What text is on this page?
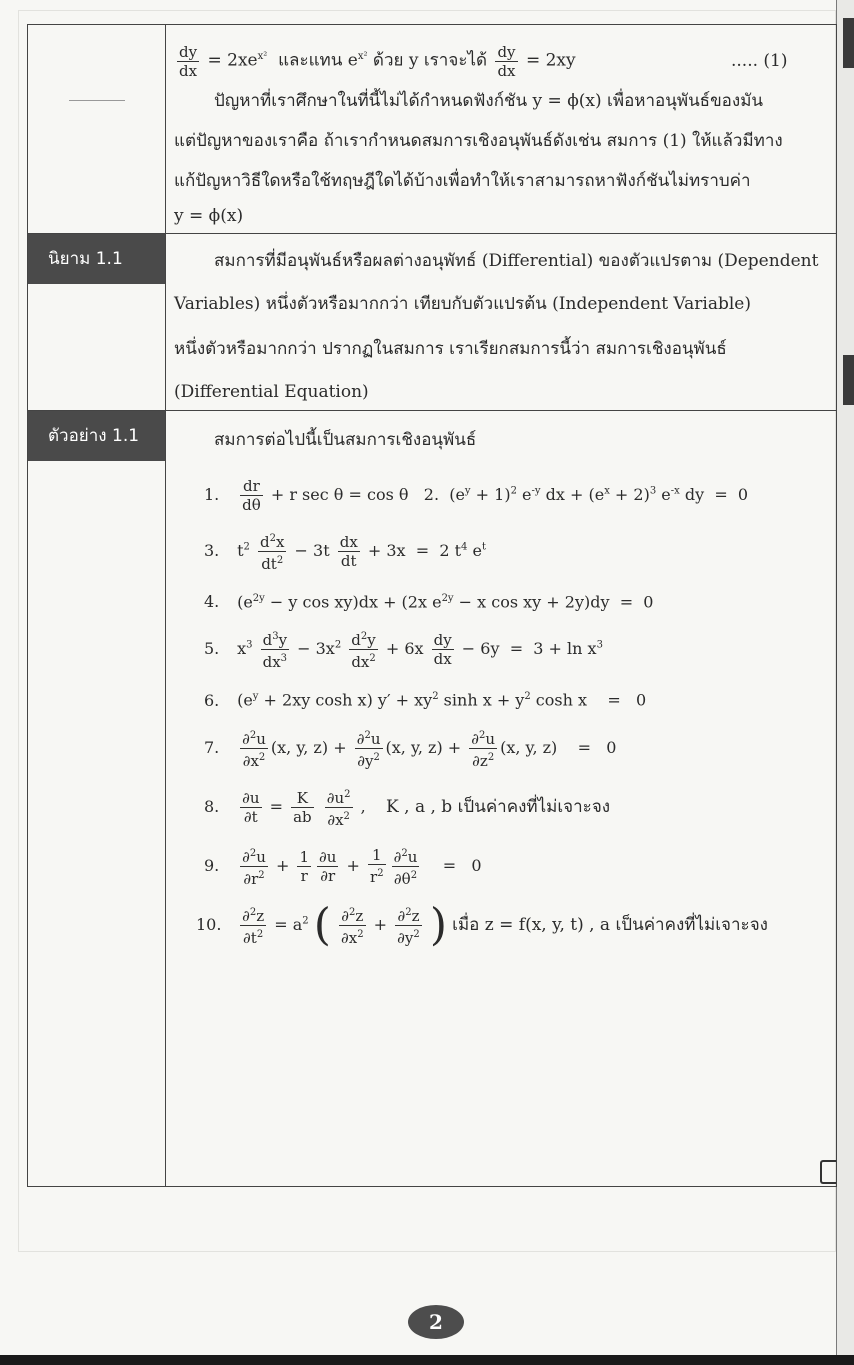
$\frac{dy}{dx} = 2xe^{x^2}$ และแทน $e^{x^2}$ ด้วย y เราจะได้ $\frac{dy}{dx} = 2xy$	..... (1)
ปัญหาที่เราศึกษาในที่นี้ไม่ได้กำหนดฟังก์ชัน y = ϕ(x) เพื่อหาอนุพันธ์ของมัน
แต่ปัญหาของเราคือ ถ้าเรากำหนดสมการเชิงอนุพันธ์ดังเช่น สมการ (1) ให้แล้วมีทาง
แก้ปัญหาวิธีใดหรือใช้ทฤษฎีใดได้บ้างเพื่อทำให้เราสามารถหาฟังก์ชันไม่ทราบค่า
y = ϕ(x)

นิยาม 1.1	สมการที่มีอนุพันธ์หรือผลต่างอนุพัทธ์ (Differential) ของตัวแปรตาม (Dependent
Variables) หนึ่งตัวหรือมากกว่า เทียบกับตัวแปรต้น (Independent Variable)
หนึ่งตัวหรือมากกว่า ปรากฏในสมการ เราเรียกสมการนี้ว่า สมการเชิงอนุพันธ์
(Differential Equation)

ตัวอย่าง 1.1	สมการต่อไปนี้เป็นสมการเชิงอนุพันธ์
1. $\frac{dr}{d\theta} + r$ sec θ = cos θ   2.  $(e^y + 1)^2$ $e^{-y}$ dx + $(e^x + 2)^3$ $e^{-x}$ dy  =  0
3. $t^2 \frac{d^2x}{dt^2} - 3t \frac{dx}{dt} + 3x = 2$ $t^4$ $e^t$
4. ($e^{2y} - y$ cos xy)dx + (2x $e^{2y} - x$ cos xy + 2y)dy  =  0
5. $x^3 \frac{d^3y}{dx^3} - 3x^2 \frac{d^2y}{dx^2} + 6x \frac{dy}{dx} - 6y = 3 + \ln x^3$
6. ($e^y + 2xy$ cosh x) $y' + xy^2$ $\sinh x + y^2$ cosh x    =   0
7. $\frac{\partial^2u}{\partial x^2} (x$, y, $z) + \frac{\partial^2u}{\partial y^2} (x$, y, $z) + \frac{\partial^2u}{\partial z^2} (x$, y, z)    =   0
8. $\frac{\partial u}{\partial t} = \frac{K}{ab}$
$\frac{\partial u^2}{\partial x^2}$ ,    K , a , b เป็นค่าคงที่ไม่เจาะจง
9. $\frac{\partial^2u}{\partial r^2} + \frac{1}{r} \frac{\partial u}{\partial r} + \frac{1}{r^2} \frac{\partial^2u}{\partial\theta^2} = 0$
10. $\frac{\partial^2z}{\partial t^2} = a^2$ ( $\frac{\partial^2z}{\partial x^2} + \frac{\partial^2z}{\partial y^2}$ ) เมื่อ z = f(x, y, t) , a เป็นค่าคงที่ไม่เจาะจง
2
